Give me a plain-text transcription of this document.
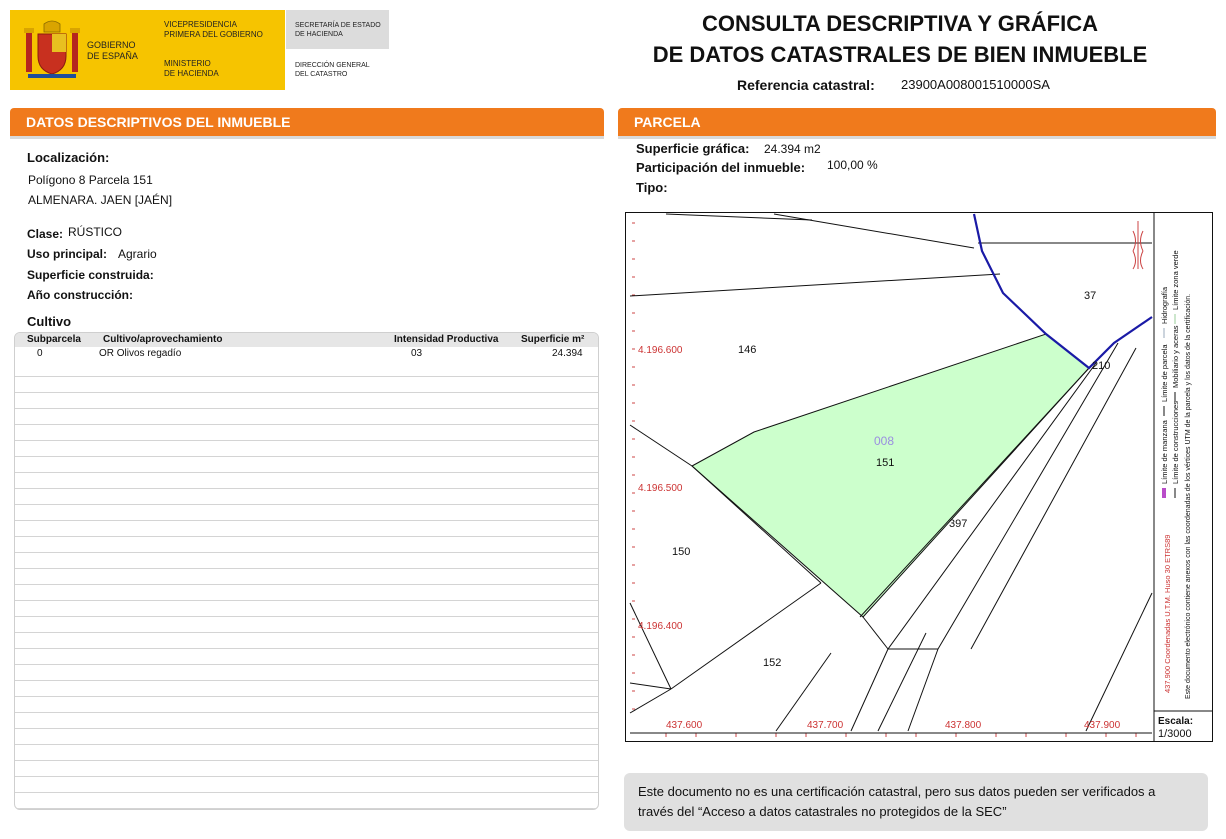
GOBIERNO
DE ESPAÑA
VICEPRESIDENCIA
PRIMERA DEL GOBIERNO
MINISTERIO
DE HACIENDA
SECRETARÍA DE ESTADO
DE HACIENDA
DIRECCIÓN GENERAL
DEL CATASTRO
CONSULTA DESCRIPTIVA Y GRÁFICA
DE DATOS CATASTRALES DE BIEN INMUEBLE
Referencia catastral: 23900A008001510000SA
DATOS DESCRIPTIVOS DEL INMUEBLE
Localización:
Polígono 8 Parcela 151
ALMENARA. JAEN [JAÉN]
Clase: RÚSTICO
Uso principal: Agrario
Superficie construida:
Año construcción:
Cultivo
Subparcela Cultivo/aprovechamiento	Intensidad Productiva Superficie m²
0	OR Olivos regadío	03	24.394
PARCELA
Superficie gráfica: 24.394 m2
Participación del inmueble: 100,00 %
Tipo:
4.196.600
4.196.500
4.196.400
437.600	437.700	437.800	437.900
008
146
37
210
151
397
150
152
Límite de manzana
Límite de parcela
Hidrografía
Límite de construcciones
Mobiliario y aceras
Límite zona verde
437.900 Coordenadas U.T.M. Huso 30 ETRS89 Este documento electrónico contiene anexos con las coordenadas de los vértices UTM de la parcela y los datos de la certificación.
Escala:
1/3000
Este documento no es una certificación catastral, pero sus datos pueden ser verificados a través del “Acceso a datos catastrales no protegidos de la SEC”
